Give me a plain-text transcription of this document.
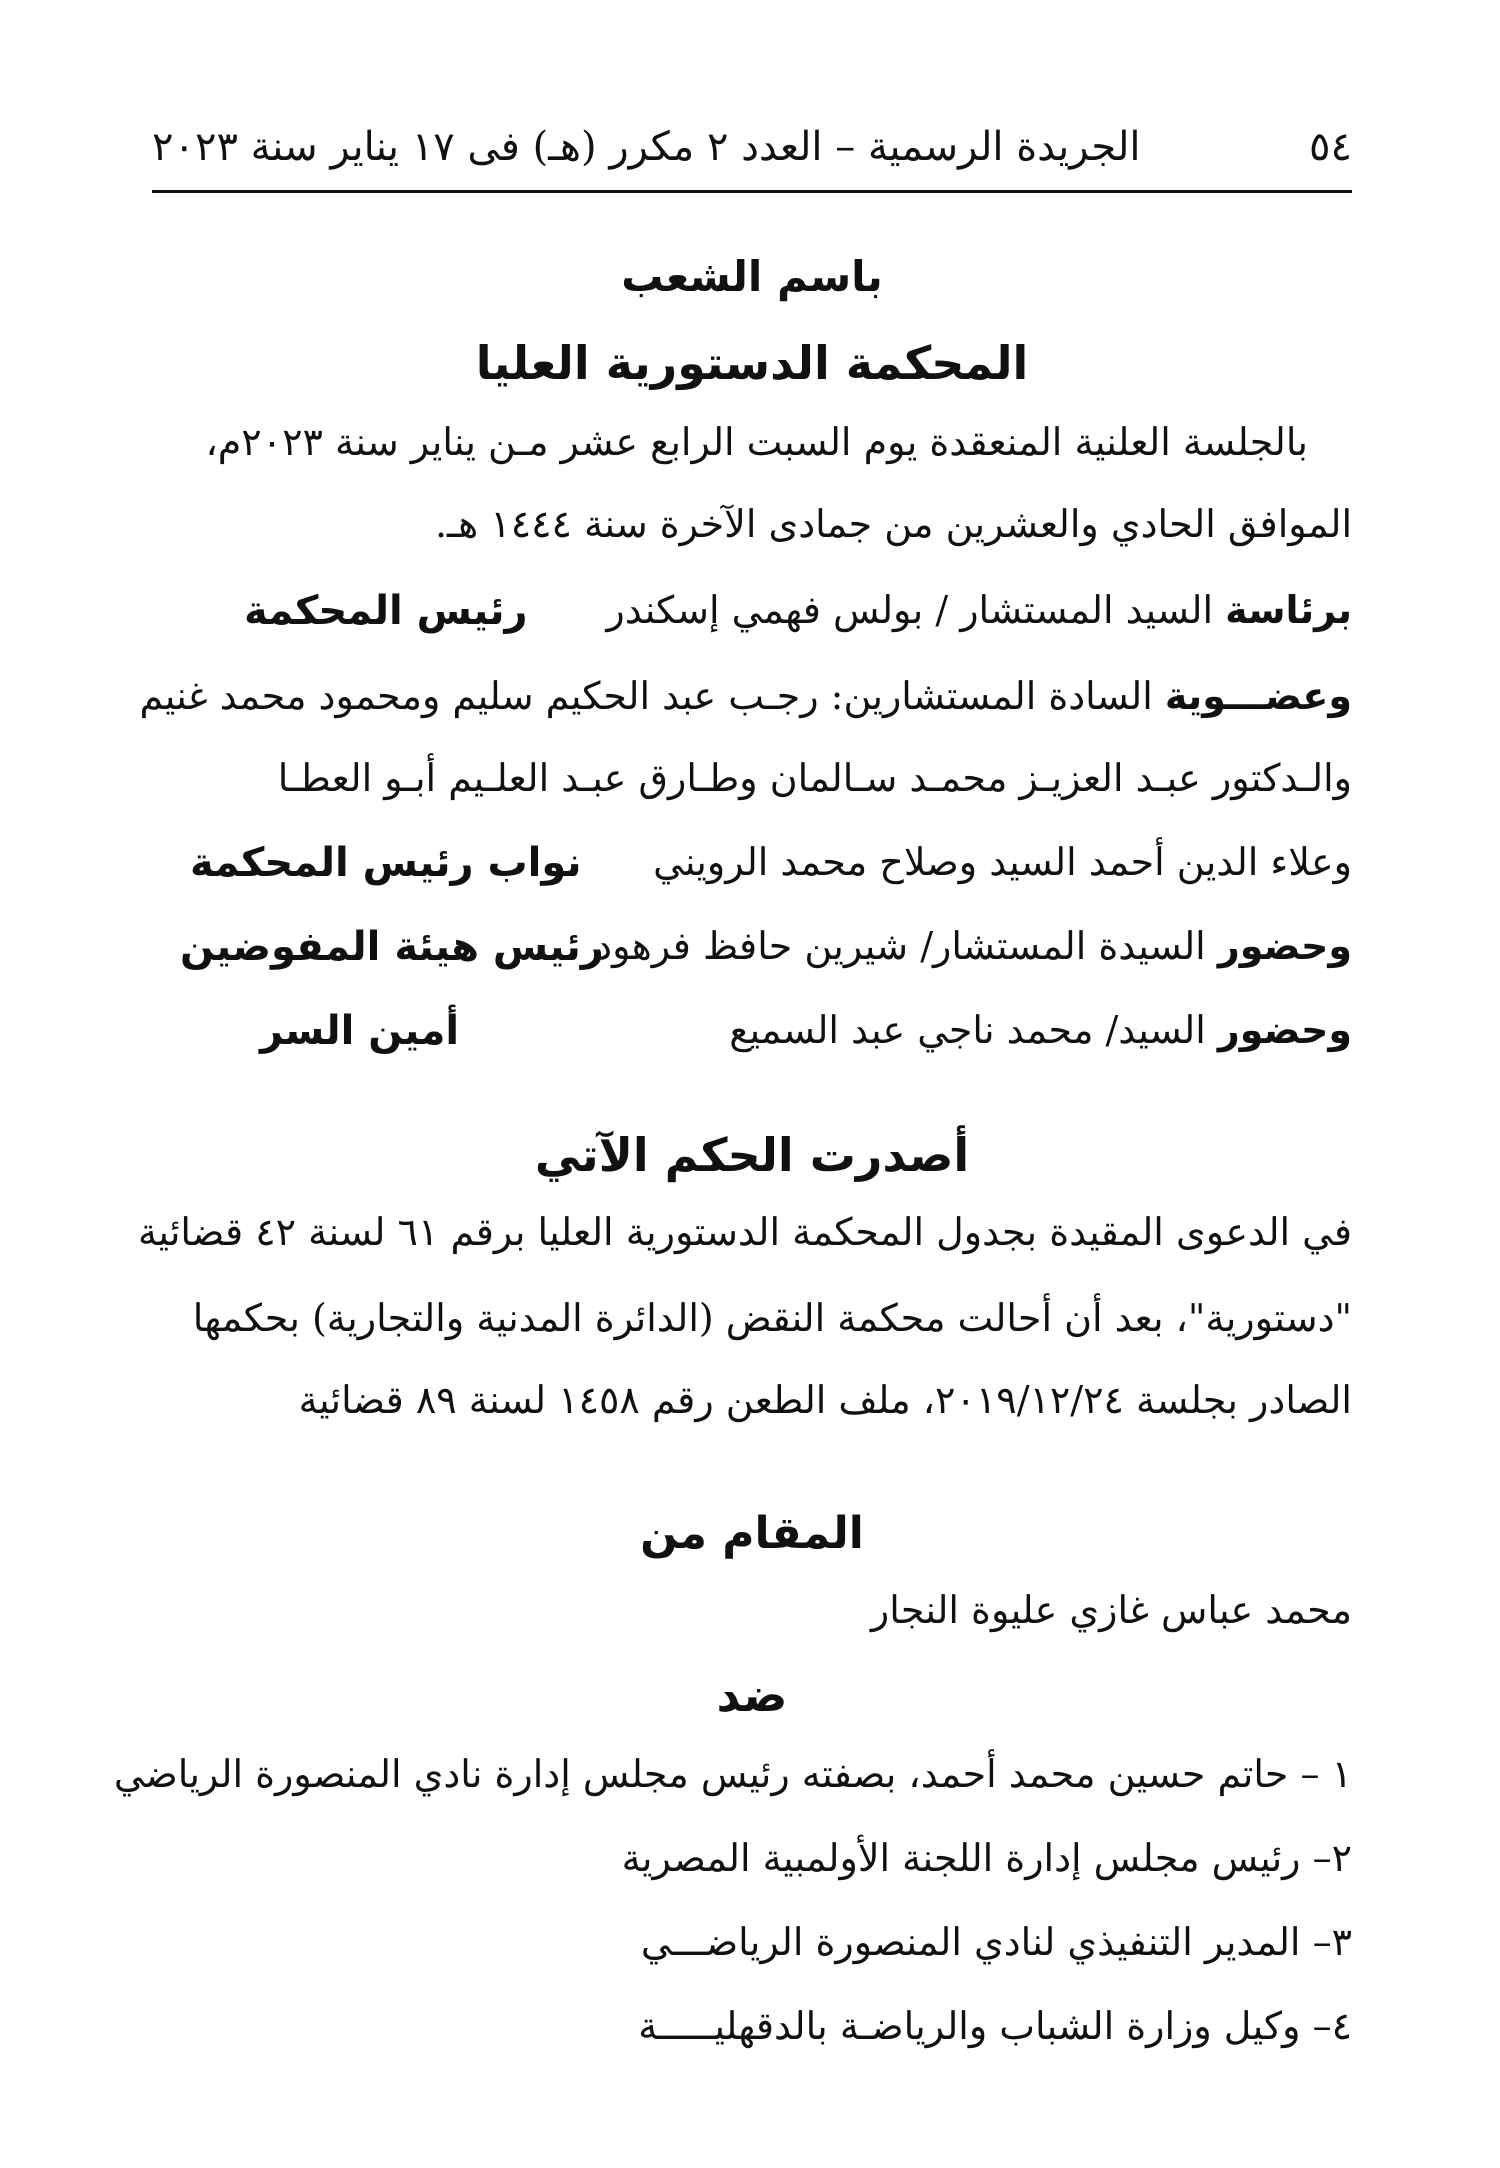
٥٤
الجريدة الرسمية – العدد ٢ مكرر (هـ) فى ١٧ يناير سنة ٢٠٢٣
باسم الشعب
المحكمة الدستورية العليا
بالجلسة العلنية المنعقدة يوم السبت الرابع عشر مـن يناير سنة ٢٠٢٣م،
الموافق الحادي والعشرين من جمادى الآخرة سنة ١٤٤٤ هـ.
برئاسة السيد المستشار / بولس فهمي إسكندر
رئيس المحكمة
وعضـــوية السادة المستشارين: رجـب عبد الحكيم سليم ومحمود محمد غنيم
والـدكتور عبـد العزيـز محمـد سـالمان وطـارق عبـد العلـيم أبـو العطـا
وعلاء الدين أحمد السيد وصلاح محمد الرويني
نواب رئيس المحكمة
وحضور السيدة المستشار/ شيرين حافظ فرهود
رئيس هيئة المفوضين
وحضور السيد/ محمد ناجي عبد السميع
أمين السر
أصدرت الحكم الآتي
في الدعوى المقيدة بجدول المحكمة الدستورية العليا برقم ٦١ لسنة ٤٢ قضائية
"دستورية"، بعد أن أحالت محكمة النقض (الدائرة المدنية والتجارية) بحكمها
الصادر بجلسة ٢٠١٩/١٢/٢٤، ملف الطعن رقم ١٤٥٨ لسنة ٨٩ قضائية
المقام من
محمد عباس غازي عليوة النجار
ضد
١ – حاتم حسين محمد أحمد، بصفته رئيس مجلس إدارة نادي المنصورة الرياضي
٢– رئيس مجلس إدارة اللجنة الأولمبية المصرية
٣– المدير التنفيذي لنادي المنصورة الرياضـــي
٤– وكيل وزارة الشباب والرياضـة بالدقهليـــــة
